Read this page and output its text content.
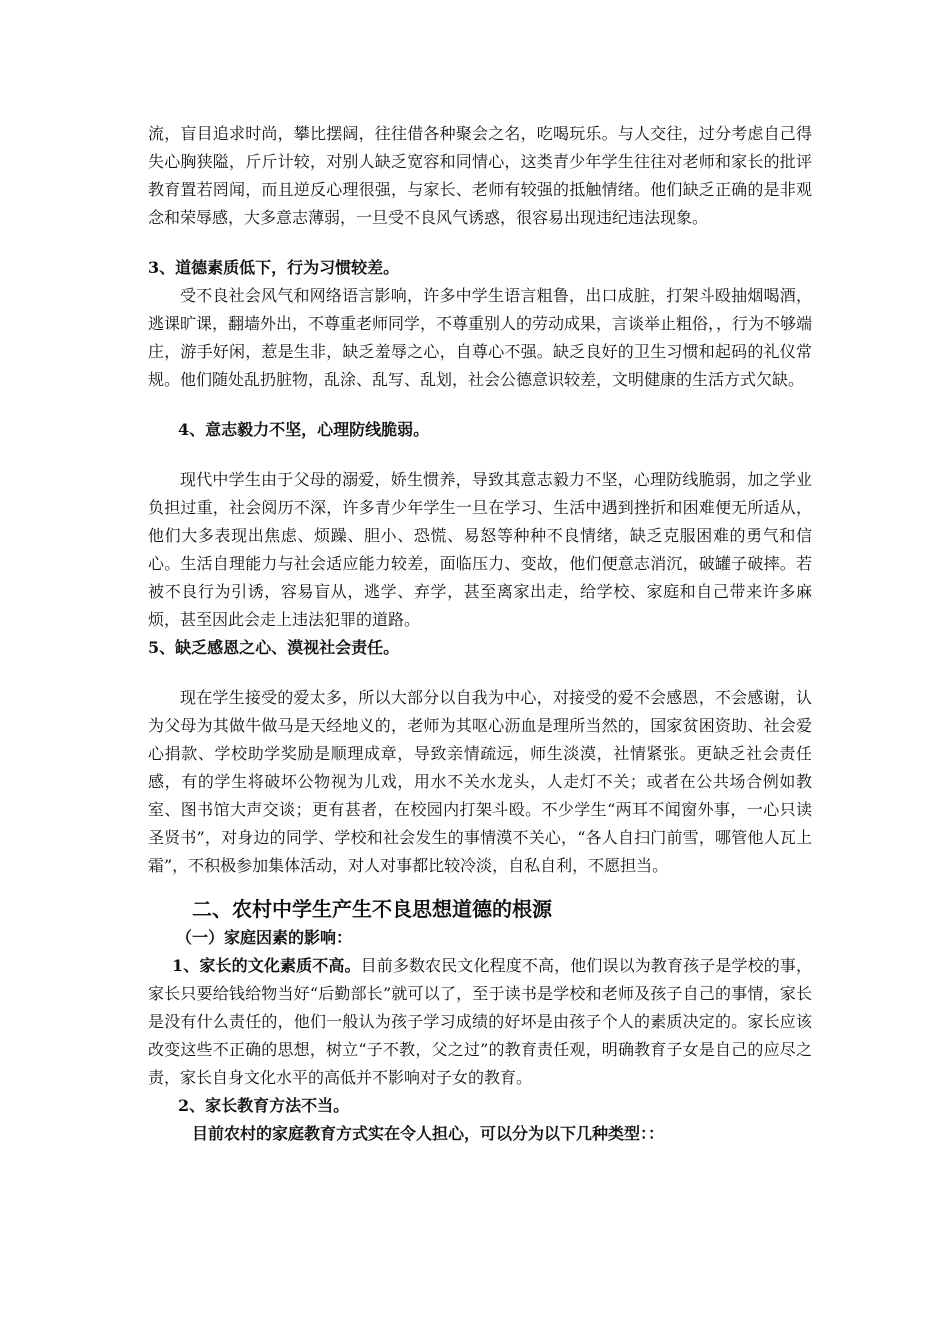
流，盲目追求时尚，攀比摆阔，往往借各种聚会之名，吃喝玩乐。与人交往，过分考虑自己得失心胸狭隘，斤斤计较，对别人缺乏宽容和同情心，这类青少年学生往往对老师和家长的批评教育置若罔闻，而且逆反心理很强，与家长、老师有较强的抵触情绪。他们缺乏正确的是非观念和荣辱感，大多意志薄弱，一旦受不良风气诱惑，很容易出现违纪违法现象。

3、道德素质低下，行为习惯较差。

受不良社会风气和网络语言影响，许多中学生语言粗鲁，出口成脏，打架斗殴抽烟喝酒，逃课旷课，翻墙外出，不尊重老师同学，不尊重别人的劳动成果，言谈举止粗俗，，行为不够端庄，游手好闲，惹是生非，缺乏羞辱之心，自尊心不强。缺乏良好的卫生习惯和起码的礼仪常规。他们随处乱扔脏物，乱涂、乱写、乱划，社会公德意识较差，文明健康的生活方式欠缺。

4、意志毅力不坚，心理防线脆弱。

现代中学生由于父母的溺爱，娇生惯养，导致其意志毅力不坚，心理防线脆弱，加之学业负担过重，社会阅历不深，许多青少年学生一旦在学习、生活中遇到挫折和困难便无所适从，他们大多表现出焦虑、烦躁、胆小、恐慌、易怒等种种不良情绪，缺乏克服困难的勇气和信心。生活自理能力与社会适应能力较差，面临压力、变故，他们便意志消沉，破罐子破摔。若被不良行为引诱，容易盲从，逃学、弃学，甚至离家出走，给学校、家庭和自己带来许多麻烦，甚至因此会走上违法犯罪的道路。

5、缺乏感恩之心、漠视社会责任。

现在学生接受的爱太多，所以大部分以自我为中心，对接受的爱不会感恩，不会感谢，认为父母为其做牛做马是天经地义的，老师为其呕心沥血是理所当然的，国家贫困资助、社会爱心捐款、学校助学奖励是顺理成章，导致亲情疏远，师生淡漠，社情紧张。更缺乏社会责任感，有的学生将破坏公物视为儿戏，用水不关水龙头，人走灯不关；或者在公共场合例如教室、图书馆大声交谈；更有甚者，在校园内打架斗殴。不少学生“两耳不闻窗外事，一心只读圣贤书”，对身边的同学、学校和社会发生的事情漠不关心，“各人自扫门前雪，哪管他人瓦上霜”，不积极参加集体活动，对人对事都比较冷淡，自私自利，不愿担当。

二、农村中学生产生不良思想道德的根源

（一）家庭因素的影响：

1、家长的文化素质不高。目前多数农民文化程度不高，他们误以为教育孩子是学校的事，家长只要给钱给物当好“后勤部长”就可以了，至于读书是学校和老师及孩子自己的事情，家长是没有什么责任的，他们一般认为孩子学习成绩的好坏是由孩子个人的素质决定的。家长应该改变这些不正确的思想，树立“子不教，父之过”的教育责任观，明确教育子女是自己的应尽之责，家长自身文化水平的高低并不影响对子女的教育。

2、家长教育方法不当。

目前农村的家庭教育方式实在令人担心，可以分为以下几种类型：：
